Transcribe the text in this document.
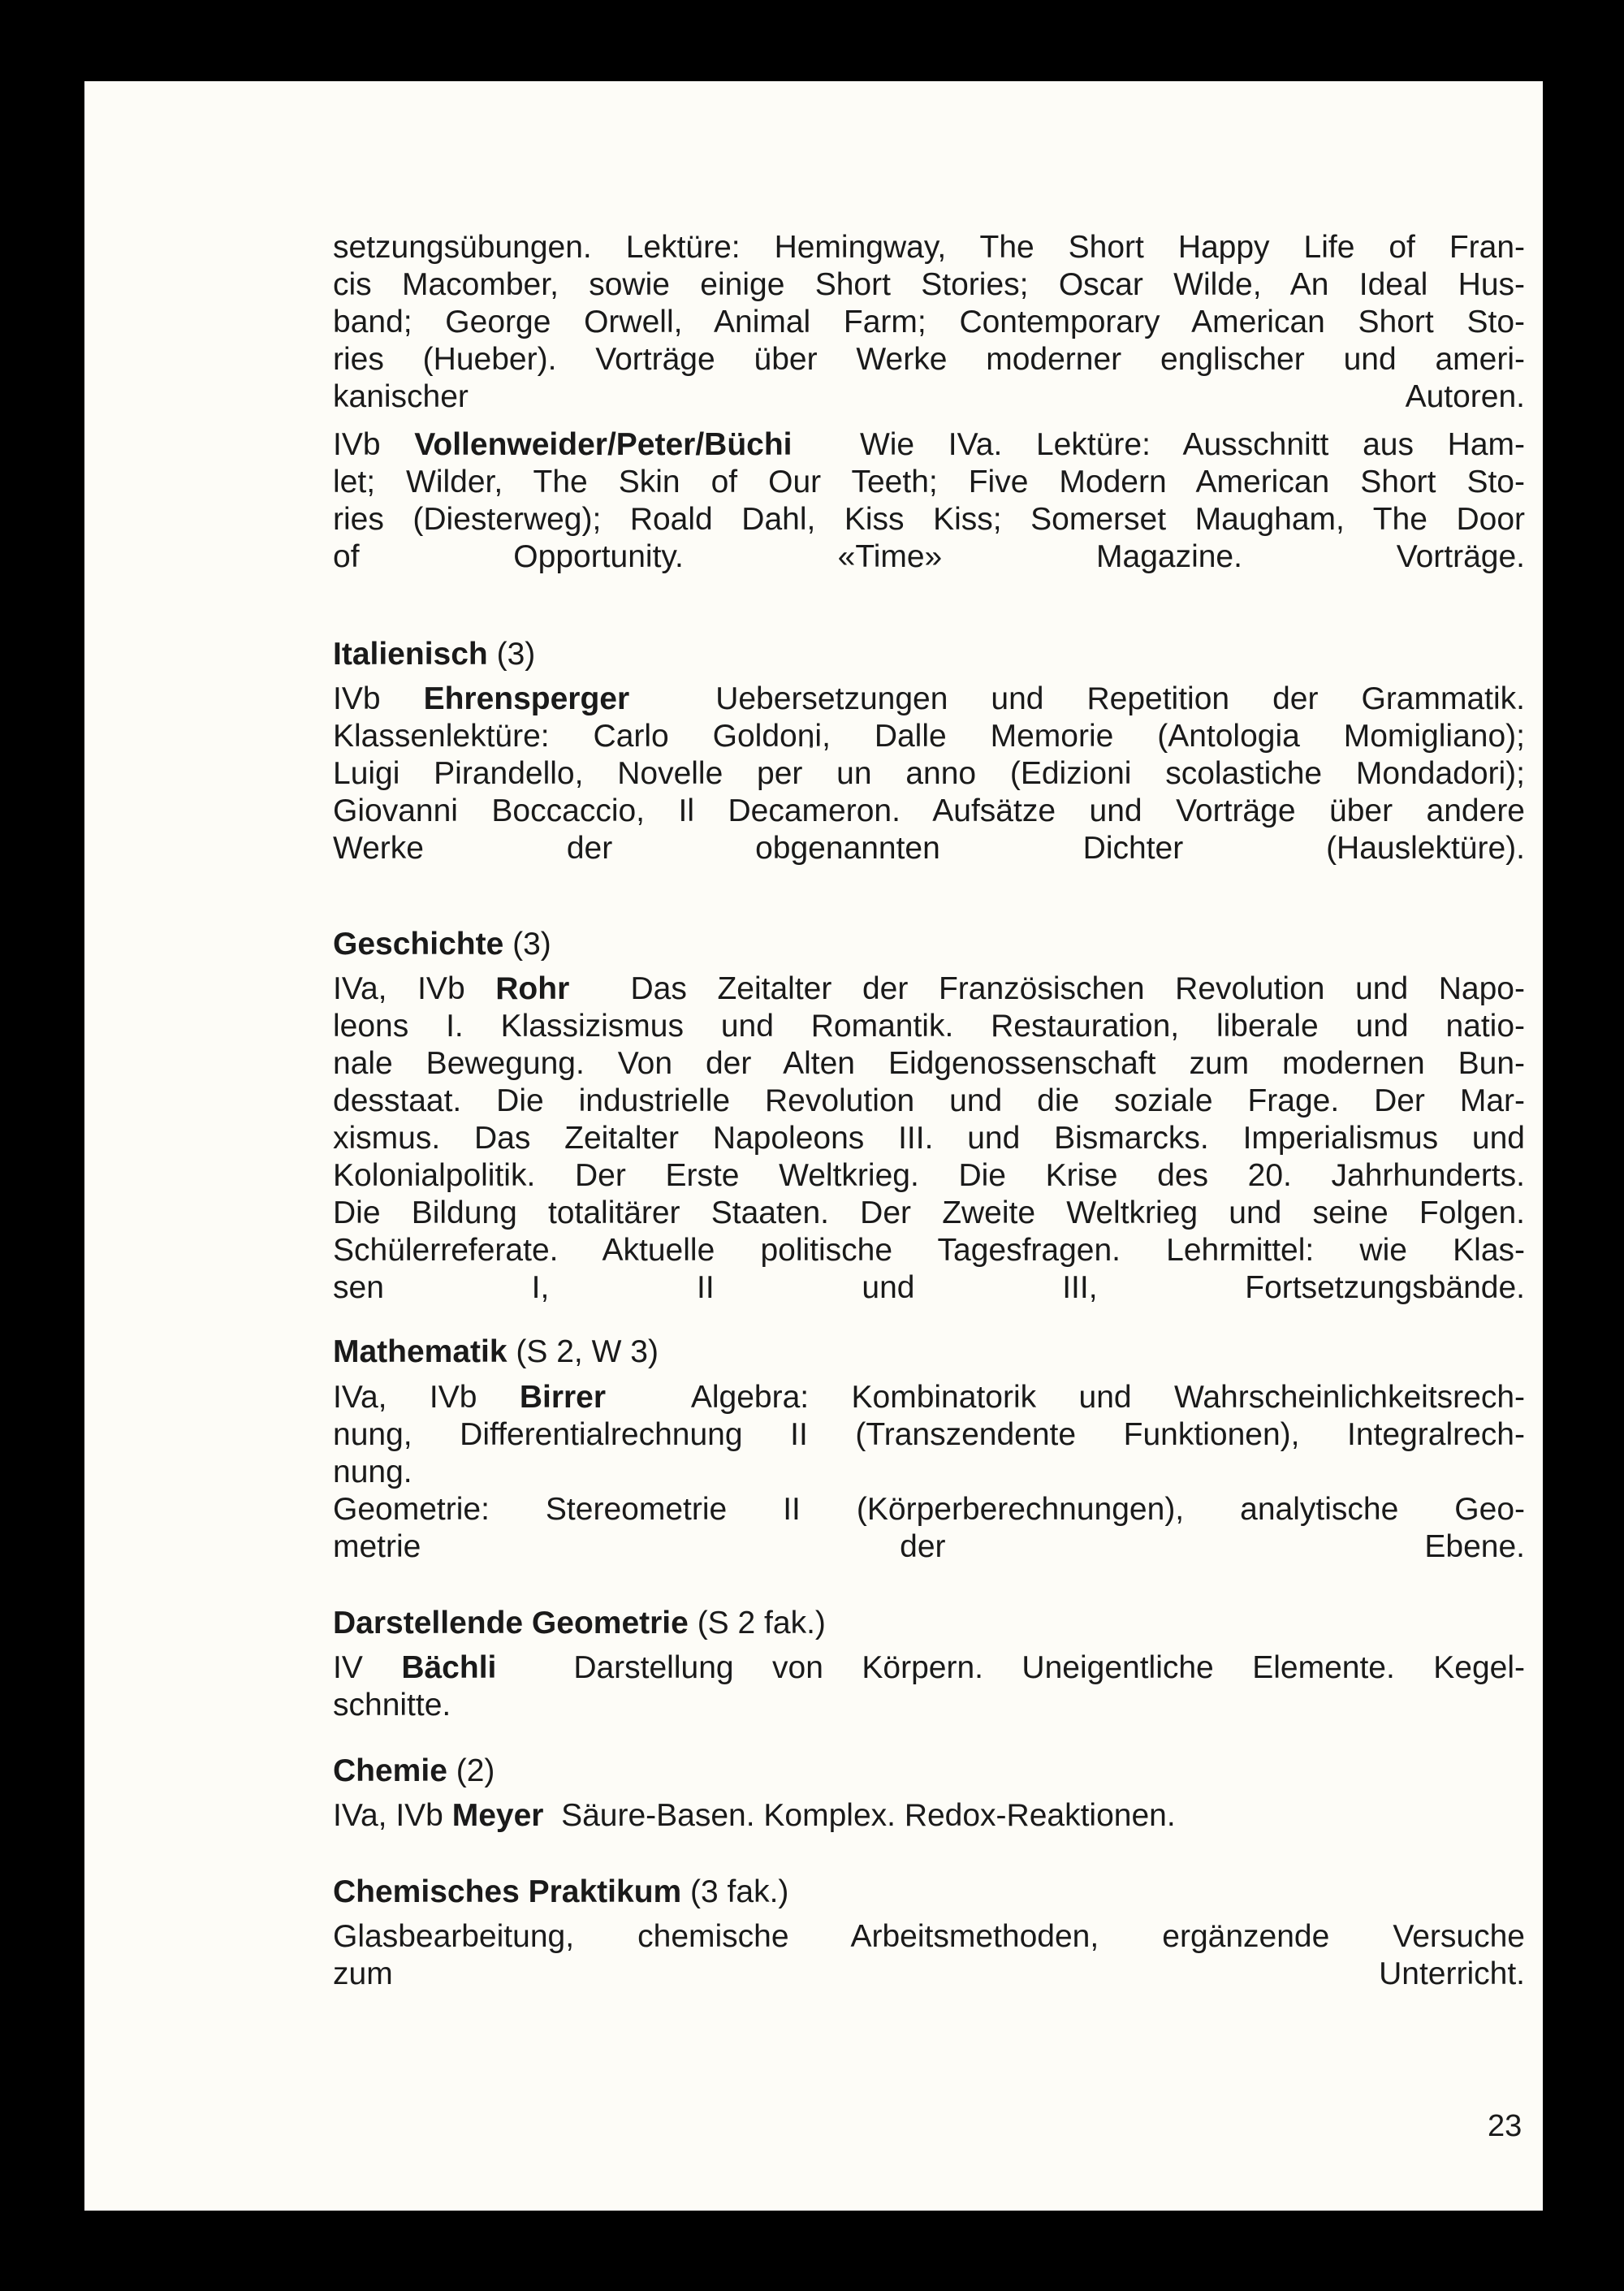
setzungsübungen. Lektüre: Hemingway, The Short Happy Life of Fran-
cis Macomber, sowie einige Short Stories; Oscar Wilde, An Ideal Hus-
band; George Orwell, Animal Farm; Contemporary American Short Sto-
ries (Hueber). Vorträge über Werke moderner englischer und ameri-
kanischer Autoren.
IVb Vollenweider/Peter/Büchi Wie IVa. Lektüre: Ausschnitt aus Ham-
let; Wilder, The Skin of Our Teeth; Five Modern American Short Sto-
ries (Diesterweg); Roald Dahl, Kiss Kiss; Somerset Maugham, The Door
of Opportunity. «Time» Magazine. Vorträge.
Italienisch (3)
IVb Ehrensperger	Uebersetzungen und Repetition der Grammatik.
Klassenlektüre: Carlo Goldoni, Dalle Memorie (Antologia Momigliano);
Luigi Pirandello, Novelle per un anno (Edizioni scolastiche Mondadori);
Giovanni Boccaccio, Il Decameron. Aufsätze und Vorträge über andere
Werke der obgenannten Dichter (Hauslektüre).
Geschichte (3)
IVa, IVb Rohr Das Zeitalter der Französischen Revolution und Napo-
leons I. Klassizismus und Romantik. Restauration, liberale und natio-
nale Bewegung. Von der Alten Eidgenossenschaft zum modernen Bun-
desstaat. Die industrielle Revolution und die soziale Frage. Der Mar-
xismus. Das Zeitalter Napoleons III. und Bismarcks. Imperialismus und
Kolonialpolitik. Der Erste Weltkrieg. Die Krise des 20. Jahrhunderts.
Die Bildung totalitärer Staaten. Der Zweite Weltkrieg und seine Folgen.
Schülerreferate. Aktuelle politische Tagesfragen. Lehrmittel: wie Klas-
sen I, II und III, Fortsetzungsbände.
Mathematik (S 2, W 3)
IVa, IVb Birrer	Algebra: Kombinatorik und Wahrscheinlichkeitsrech-
nung, Differentialrechnung II (Transzendente Funktionen), Integralrech-
nung.
Geometrie: Stereometrie II (Körperberechnungen), analytische Geo-
metrie der Ebene.
Darstellende Geometrie (S 2 fak.)
IV Bächli Darstellung von Körpern. Uneigentliche Elemente. Kegel-
schnitte.
Chemie (2)
IVa, IVb Meyer Säure-Basen. Komplex. Redox-Reaktionen.
Chemisches Praktikum (3 fak.)
Glasbearbeitung, chemische Arbeitsmethoden, ergänzende Versuche
zum Unterricht.
23
